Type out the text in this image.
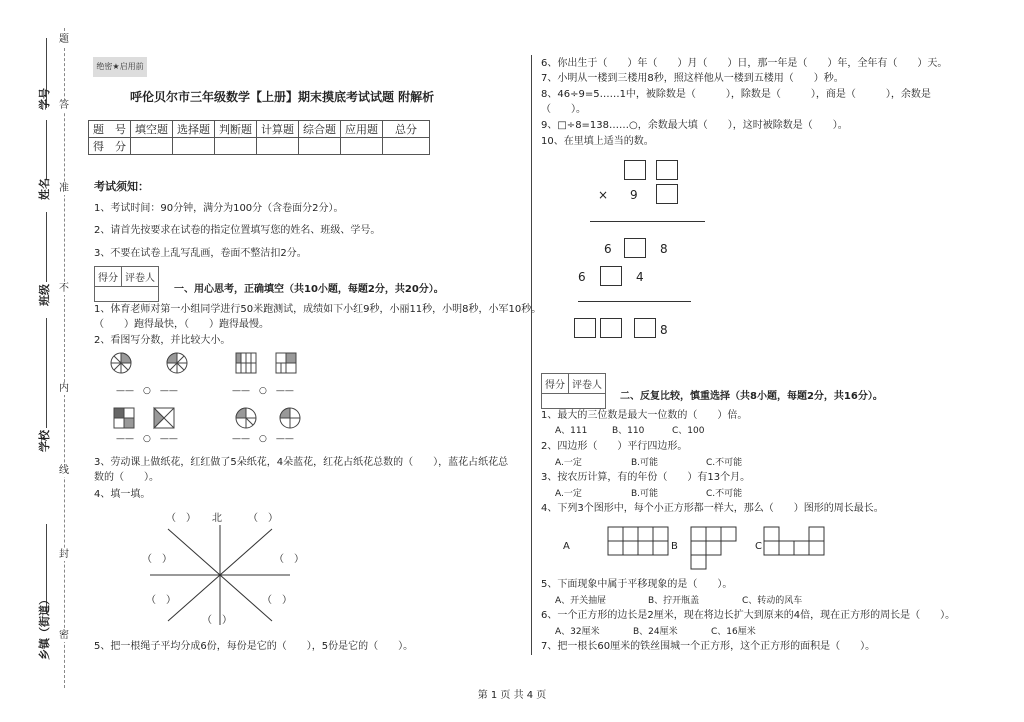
题
答
准
不
内
线
封
密
学号
姓名
班级
学校
乡镇（街道）
绝密★启用前
呼伦贝尔市三年级数学【上册】期末摸底考试试题 附解析
题　号	填空题	选择题	判断题	计算题	综合题	应用题	总分
得　分							
考试须知：
1、考试时间：90分钟，满分为100分（含卷面分2分）。
2、请首先按要求在试卷的指定位置填写您的姓名、班级、学号。
3、不要在试卷上乱写乱画，卷面不整洁扣2分。
得分 评卷人
一、用心思考，正确填空（共10小题，每题2分，共20分）。
1、体育老师对第一小组同学进行50米跑测试，成绩如下小红9秒，小丽11秒，小明8秒，小军10秒。
（　　）跑得最快，（　　）跑得最慢。
2、看图写分数，并比较大小。
——　○　——	——　○　——
——　○　——	——　○　——
3、劳动课上做纸花，红红做了5朵纸花，4朵蓝花，红花占纸花总数的（　　），蓝花占纸花总
数的（　　）。
4、填一填。
（　） 北	（　）
（　）	（　）
（　）	（　）
（　）
5、把一根绳子平均分成6份，每份是它的（　　），5份是它的（　　）。
6、你出生于（　　）年（　　）月（　　）日，那一年是（　　）年，全年有（　　）天。
7、小明从一楼到三楼用8秒，照这样他从一楼到五楼用（　　）秒。
8、46÷9=5……1中，被除数是（　　　），除数是（　　　），商是（　　　），余数是
（　　）。
9、□÷8=138……○，余数最大填（　　），这时被除数是（　　）。
10、在里填上适当的数。
× 9
6	8
6	4
8
得分 评卷人
二、反复比较，慎重选择（共8小题，每题2分，共16分）。
1、最大的三位数是最大一位数的（　　）倍。
A、111	B、110	C、100
2、四边形（　　）平行四边形。
A.一定	B.可能	C.不可能
3、按农历计算，有的年份（　　）有13个月。
A.一定	B.可能	C.不可能
4、下列3个图形中，每个小正方形都一样大，那么（　　）图形的周长最长。
A	B	C
5、下面现象中属于平移现象的是（　　）。
A、开关抽屉	B、拧开瓶盖	C、转动的风车
6、一个正方形的边长是2厘米，现在将边长扩大到原来的4倍，现在正方形的周长是（　　）。
A、32厘米	B、24厘米	C、16厘米
7、把一根长60厘米的铁丝围城一个正方形，这个正方形的面积是（　　）。
第 1 页 共 4 页
